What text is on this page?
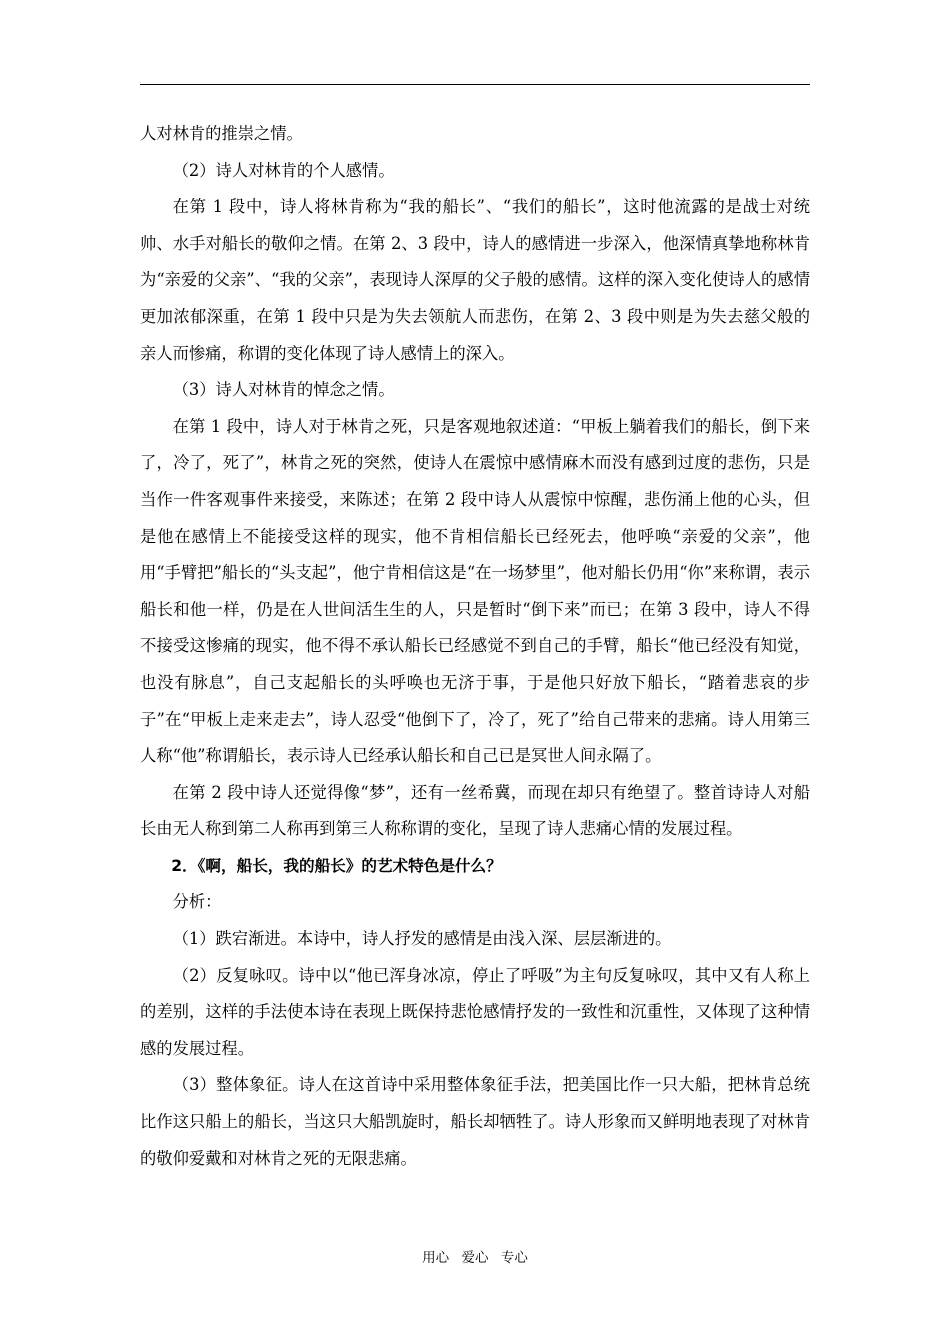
人对林肯的推崇之情。

（2）诗人对林肯的个人感情。

在第 1 段中，诗人将林肯称为“我的船长”、“我们的船长”，这时他流露的是战士对统帅、水手对船长的敬仰之情。在第 2、3 段中，诗人的感情进一步深入，他深情真挚地称林肯为“亲爱的父亲”、“我的父亲”，表现诗人深厚的父子般的感情。这样的深入变化使诗人的感情更加浓郁深重，在第 1 段中只是为失去领航人而悲伤，在第 2、3 段中则是为失去慈父般的亲人而惨痛，称谓的变化体现了诗人感情上的深入。

（3）诗人对林肯的悼念之情。

在第 1 段中，诗人对于林肯之死，只是客观地叙述道：“甲板上躺着我们的船长，倒下来了，冷了，死了”，林肯之死的突然，使诗人在震惊中感情麻木而没有感到过度的悲伤，只是当作一件客观事件来接受，来陈述；在第 2 段中诗人从震惊中惊醒，悲伤涌上他的心头，但是他在感情上不能接受这样的现实，他不肯相信船长已经死去，他呼唤“亲爱的父亲”，他用“手臂把”船长的“头支起”，他宁肯相信这是“在一场梦里”，他对船长仍用“你”来称谓，表示船长和他一样，仍是在人世间活生生的人，只是暂时“倒下来”而已；在第 3 段中，诗人不得不接受这惨痛的现实，他不得不承认船长已经感觉不到自己的手臂，船长“他已经没有知觉，也没有脉息”，自己支起船长的头呼唤也无济于事，于是他只好放下船长，“踏着悲哀的步子”在“甲板上走来走去”，诗人忍受“他倒下了，冷了，死了”给自己带来的悲痛。诗人用第三人称“他”称谓船长，表示诗人已经承认船长和自己已是冥世人间永隔了。

在第 2 段中诗人还觉得像“梦”，还有一丝希冀，而现在却只有绝望了。整首诗诗人对船长由无人称到第二人称再到第三人称称谓的变化，呈现了诗人悲痛心情的发展过程。

2．《啊，船长，我的船长》的艺术特色是什么？

分析：

（1）跌宕渐进。本诗中，诗人抒发的感情是由浅入深、层层渐进的。

（2）反复咏叹。诗中以“他已浑身冰凉，停止了呼吸”为主句反复咏叹，其中又有人称上的差别，这样的手法使本诗在表现上既保持悲怆感情抒发的一致性和沉重性，又体现了这种情感的发展过程。

（3）整体象征。诗人在这首诗中采用整体象征手法，把美国比作一只大船，把林肯总统比作这只船上的船长，当这只大船凯旋时，船长却牺牲了。诗人形象而又鲜明地表现了对林肯的敬仰爱戴和对林肯之死的无限悲痛。

用心 爱心 专心
